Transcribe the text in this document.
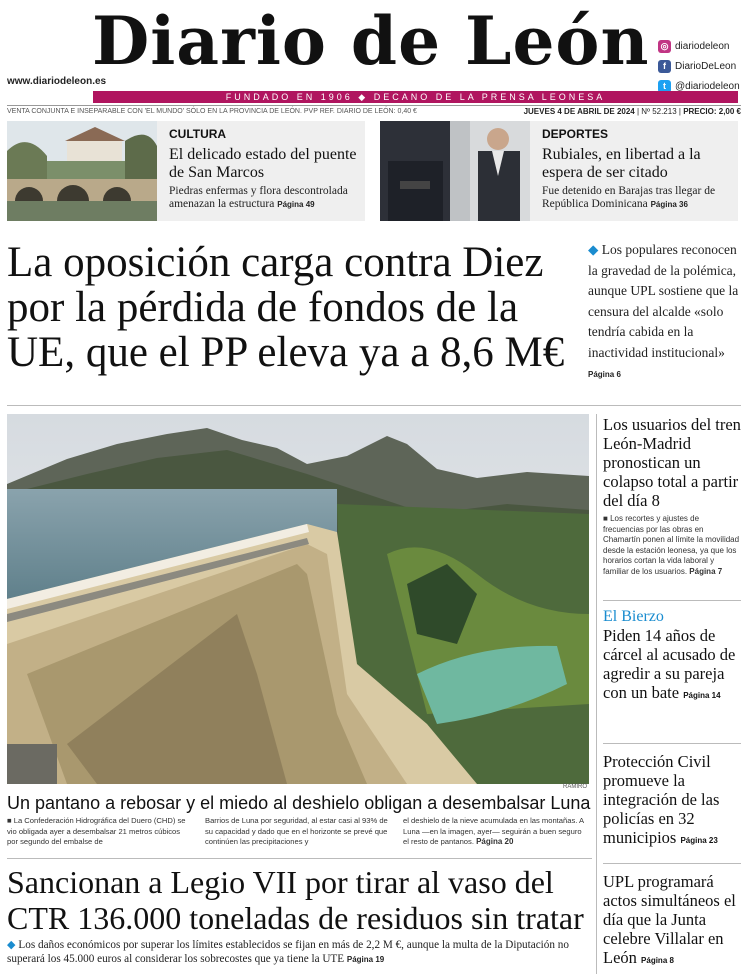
Diario de León
www.diariodeleon.es
◎ diariodeleon
f DiarioDeLeon
t @diariodeleon
FUNDADO EN 1906 ◆ DECANO DE LA PRENSA LEONESA
VENTA CONJUNTA E INSEPARABLE CON 'EL MUNDO' SÓLO EN LA PROVINCIA DE LEÓN. PVP REF. DIARIO DE LEÓN: 0,40 €	JUEVES 4 DE ABRIL DE 2024 | Nº 52.213 | PRECIO: 2,00 €
CULTURA
El delicado estado del puente de San Marcos
Piedras enfermas y flora descontrolada amenazan la estructura Página 49
DEPORTES
Rubiales, en libertad a la espera de ser citado
Fue detenido en Barajas tras llegar de República Dominicana Página 36
La oposición carga contra Diez por la pérdida de fondos de la UE, que el PP eleva ya a 8,6 M€
◆ Los populares reconocen la gravedad de la polémica, aunque UPL sostiene que la censura del alcalde «solo tendría cabida en la inactividad institucional» Página 6
RAMIRO
Un pantano a rebosar y el miedo al deshielo obligan a desembalsar Luna
■ La Confederación Hidrográfica del Duero (CHD) se vio obligada ayer a desembalsar 21 metros cúbicos por segundo del embalse de
Barrios de Luna por seguridad, al estar casi al 93% de su capacidad y dado que en el horizonte se prevé que continúen las precipitaciones y
el deshielo de la nieve acumulada en las montañas. A Luna —en la imagen, ayer— seguirán a buen seguro el resto de pantanos. Página 20
Los usuarios del tren León-Madrid pronostican un colapso total a partir del día 8
■ Los recortes y ajustes de frecuencias por las obras en Chamartín ponen al límite la movilidad desde la estación leonesa, ya que los horarios cortan la vida laboral y familiar de los usuarios. Página 7
El Bierzo
Piden 14 años de cárcel al acusado de agredir a su pareja con un bate Página 14
Protección Civil promueve la integración de las policías en 32 municipios Página 23
UPL programará actos simultáneos el día que la Junta celebre Villalar en León Página 8
Sancionan a Legio VII por tirar al vaso del CTR 136.000 toneladas de residuos sin tratar
◆ Los daños económicos por superar los límites establecidos se fijan en más de 2,2 M €, aunque la multa de la Diputación no superará los 45.000 euros al considerar los sobrecostes que ya tiene la UTE Página 19
